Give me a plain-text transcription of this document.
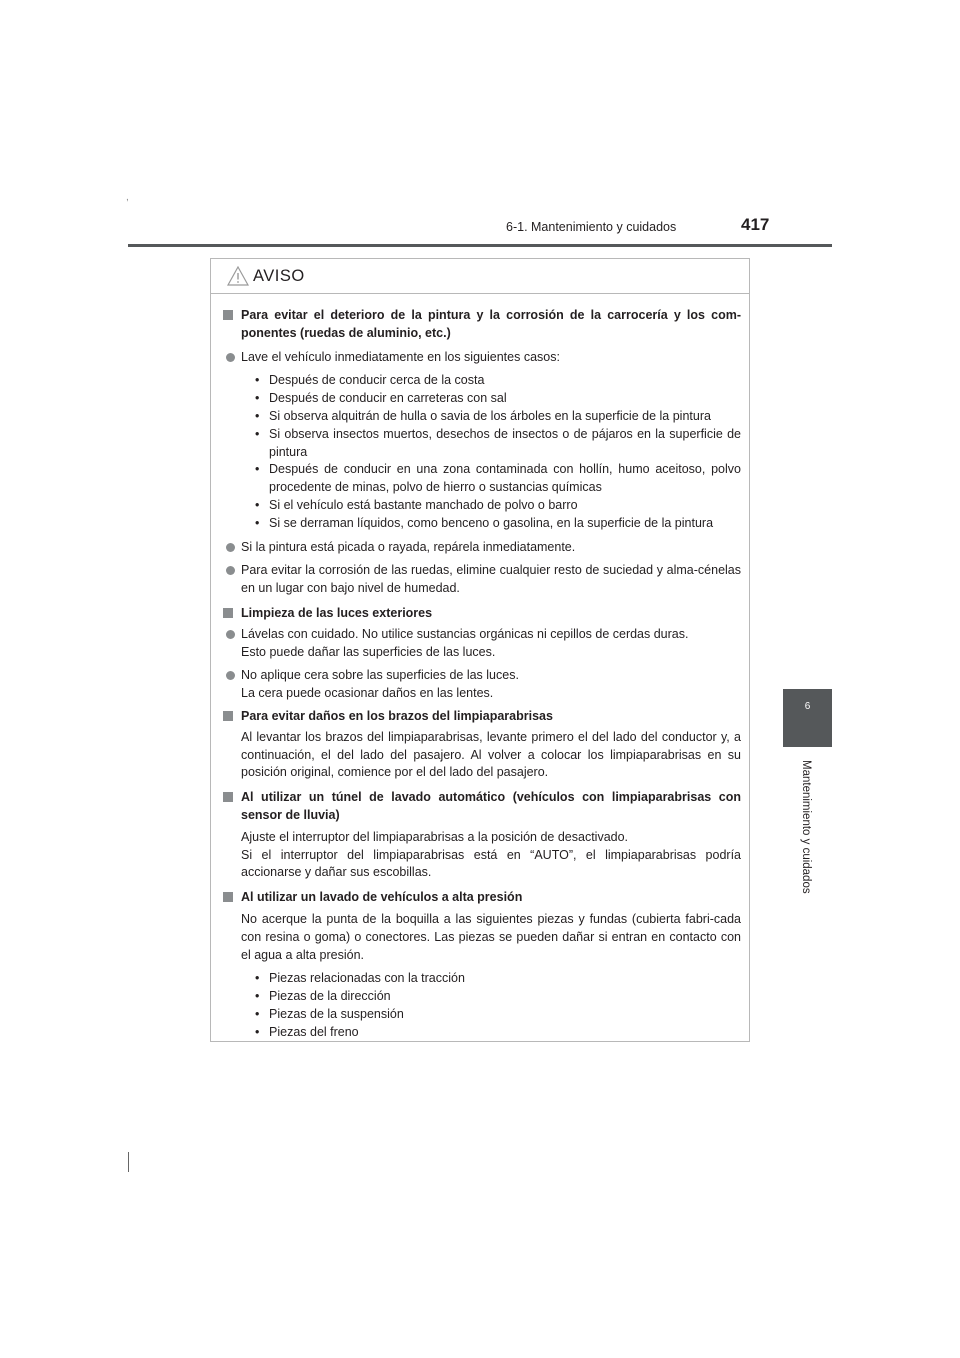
6-1. Mantenimiento y cuidados	417
6
Mantenimiento y cuidados
,
AVISO
Para evitar el deterioro de la pintura y la corrosión de la carrocería y los com-ponentes (ruedas de aluminio, etc.)
Lave el vehículo inmediatamente en los siguientes casos:
• Después de conducir cerca de la costa
• Después de conducir en carreteras con sal
• Si observa alquitrán de hulla o savia de los árboles en la superficie de la pintura
• Si observa insectos muertos, desechos de insectos o de pájaros en la superficie de pintura
• Después de conducir en una zona contaminada con hollín, humo aceitoso, polvo procedente de minas, polvo de hierro o sustancias químicas
• Si el vehículo está bastante manchado de polvo o barro
• Si se derraman líquidos, como benceno o gasolina, en la superficie de la pintura
Si la pintura está picada o rayada, repárela inmediatamente.
Para evitar la corrosión de las ruedas, elimine cualquier resto de suciedad y alma-cénelas en un lugar con bajo nivel de humedad.
Limpieza de las luces exteriores
Lávelas con cuidado. No utilice sustancias orgánicas ni cepillos de cerdas duras.
Esto puede dañar las superficies de las luces.
No aplique cera sobre las superficies de las luces.
La cera puede ocasionar daños en las lentes.
Para evitar daños en los brazos del limpiaparabrisas
Al levantar los brazos del limpiaparabrisas, levante primero el del lado del conductor y, a continuación, el del lado del pasajero. Al volver a colocar los limpiaparabrisas en su posición original, comience por el del lado del pasajero.
Al utilizar un túnel de lavado automático (vehículos con limpiaparabrisas con sensor de lluvia)
Ajuste el interruptor del limpiaparabrisas a la posición de desactivado.
Si el interruptor del limpiaparabrisas está en “AUTO”, el limpiaparabrisas podría accionarse y dañar sus escobillas.
Al utilizar un lavado de vehículos a alta presión
No acerque la punta de la boquilla a las siguientes piezas y fundas (cubierta fabri-cada con resina o goma) o conectores. Las piezas se pueden dañar si entran en contacto con el agua a alta presión.
• Piezas relacionadas con la tracción
• Piezas de la dirección
• Piezas de la suspensión
• Piezas del freno
